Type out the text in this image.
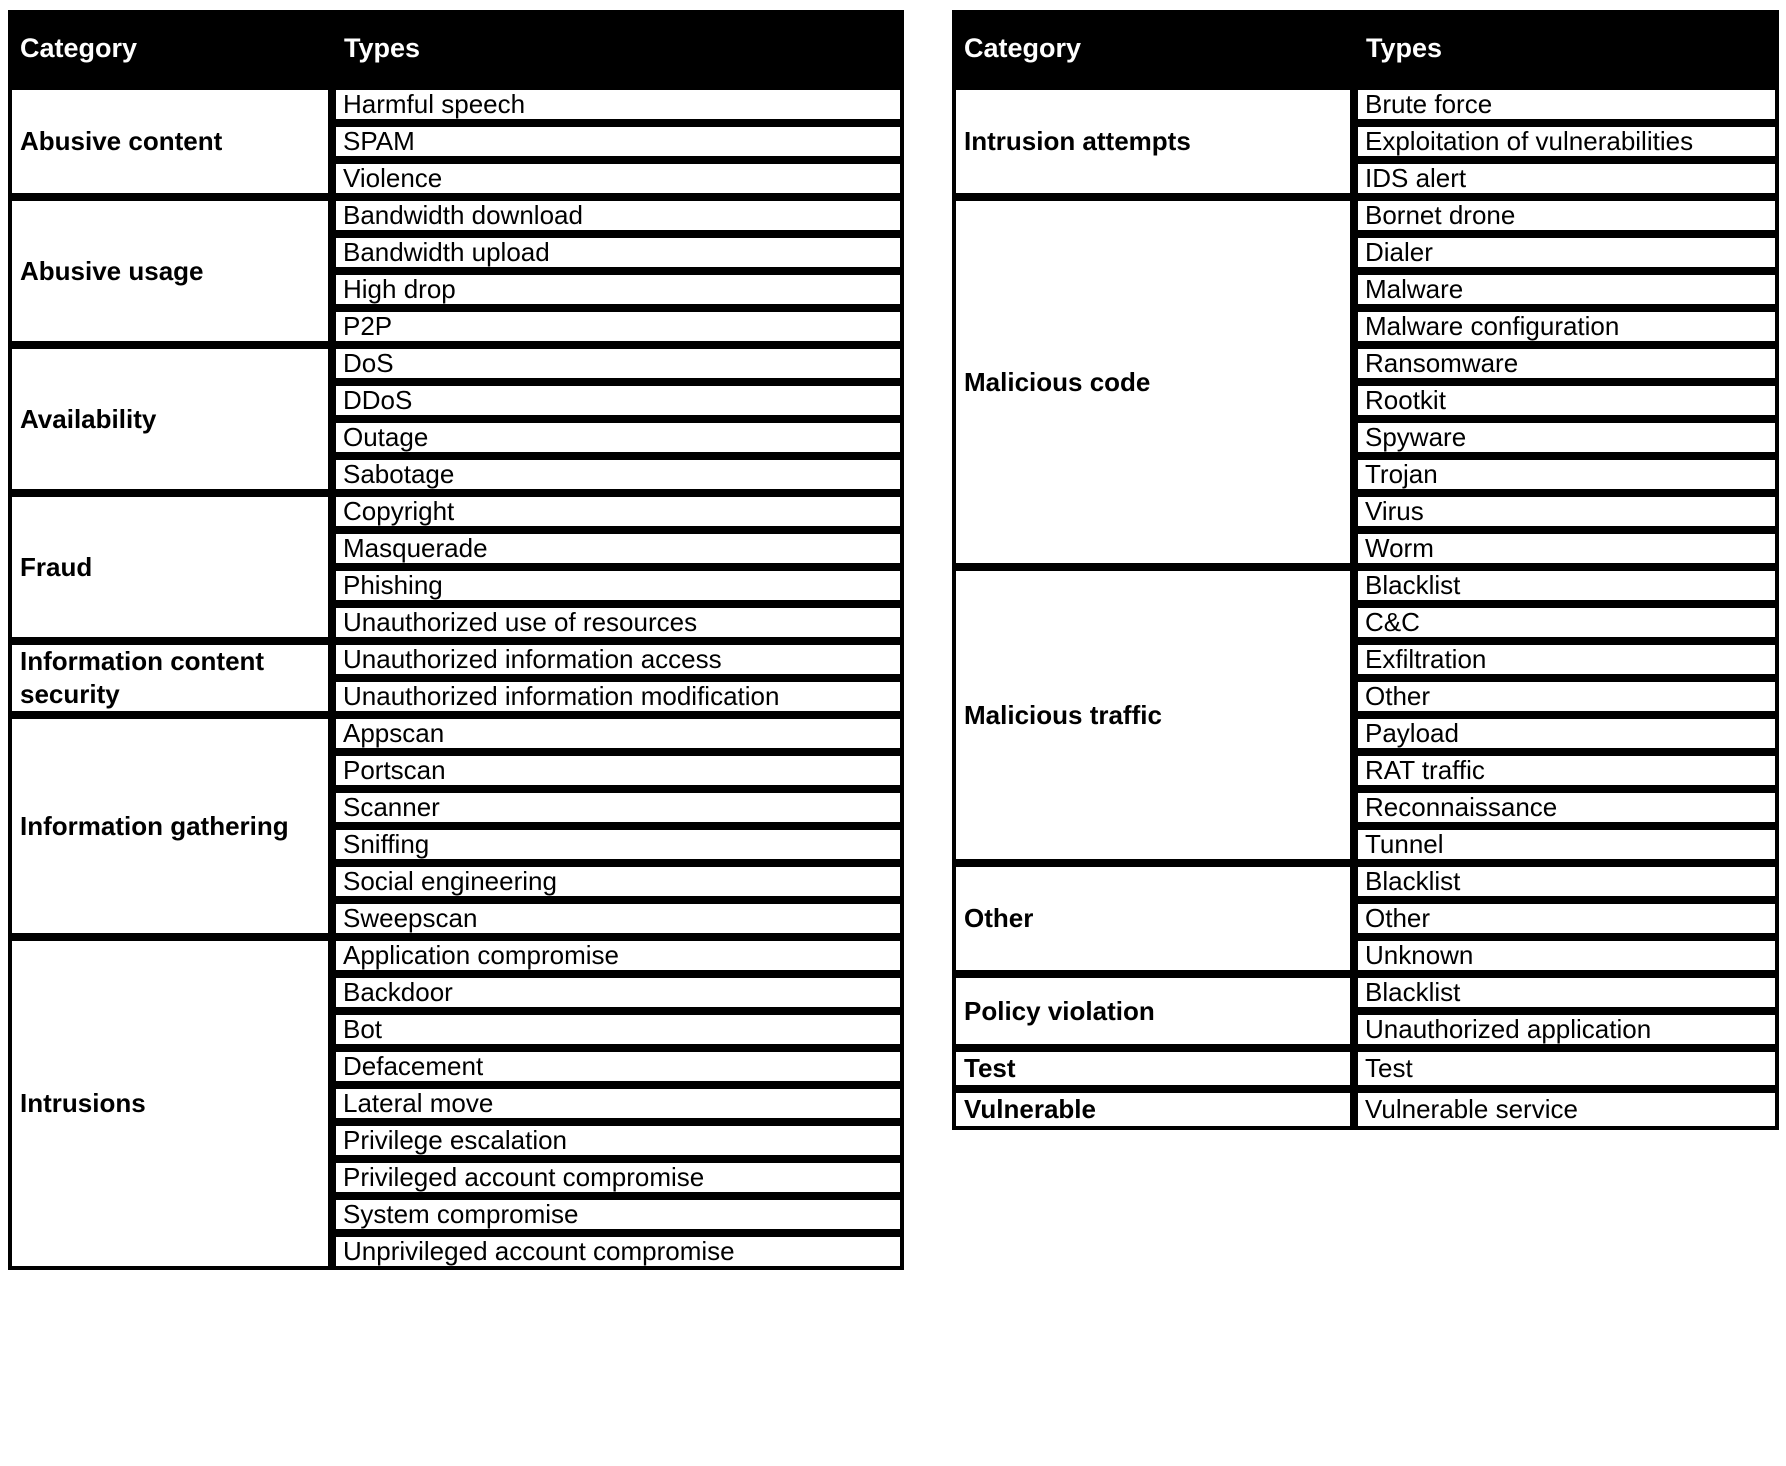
Category	Types
Abusive content	Harmful speech
	SPAM
	Violence
Abusive usage	Bandwidth download
	Bandwidth upload
	High drop
	P2P
Availability	DoS
	DDoS
	Outage
	Sabotage
Fraud	Copyright
	Masquerade
	Phishing
	Unauthorized use of resources
Information content security	Unauthorized information access
	Unauthorized information modification
Information gathering	Appscan
	Portscan
	Scanner
	Sniffing
	Social engineering
	Sweepscan
Intrusions	Application compromise
	Backdoor
	Bot
	Defacement
	Lateral move
	Privilege escalation
	Privileged account compromise
	System compromise
	Unprivileged account compromise
Category	Types
Intrusion attempts	Brute force
	Exploitation of vulnerabilities
	IDS alert
Malicious code	Bornet drone
	Dialer
	Malware
	Malware configuration
	Ransomware
	Rootkit
	Spyware
	Trojan
	Virus
	Worm
Malicious traffic	Blacklist
	C&C
	Exfiltration
	Other
	Payload
	RAT traffic
	Reconnaissance
	Tunnel
Other	Blacklist
	Other
	Unknown
Policy violation	Blacklist
	Unauthorized application
Test	Test
Vulnerable	Vulnerable service
